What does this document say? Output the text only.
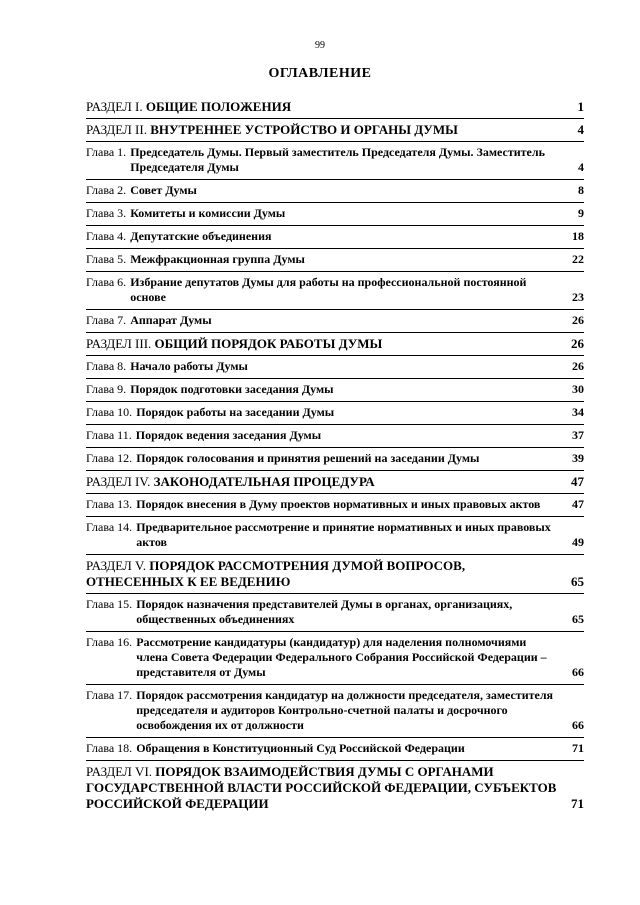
99
ОГЛАВЛЕНИЕ
РАЗДЕЛ I. ОБЩИЕ ПОЛОЖЕНИЯ	1
РАЗДЕЛ II. ВНУТРЕННЕЕ УСТРОЙСТВО И ОРГАНЫ ДУМЫ	4
Глава 1. Председатель Думы. Первый заместитель Председателя Думы. Заместитель Председателя Думы	4
Глава 2. Совет Думы	8
Глава 3. Комитеты и комиссии Думы	9
Глава 4. Депутатские объединения	18
Глава 5. Межфракционная группа Думы	22
Глава 6. Избрание депутатов Думы для работы на профессиональной постоянной основе	23
Глава 7. Аппарат Думы	26
РАЗДЕЛ III. ОБЩИЙ ПОРЯДОК РАБОТЫ ДУМЫ	26
Глава 8. Начало работы Думы	26
Глава 9. Порядок подготовки заседания Думы	30
Глава 10. Порядок работы на заседании Думы	34
Глава 11. Порядок ведения заседания Думы	37
Глава 12. Порядок голосования и принятия решений на заседании Думы	39
РАЗДЕЛ IV. ЗАКОНОДАТЕЛЬНАЯ ПРОЦЕДУРА	47
Глава 13. Порядок внесения в Думу проектов нормативных и иных правовых актов	47
Глава 14. Предварительное рассмотрение и принятие нормативных и иных правовых актов	49
РАЗДЕЛ V. ПОРЯДОК РАССМОТРЕНИЯ ДУМОЙ ВОПРОСОВ, ОТНЕСЕННЫХ К ЕЕ ВЕДЕНИЮ	65
Глава 15. Порядок назначения представителей Думы в органах, организациях, общественных объединениях	65
Глава 16. Рассмотрение кандидатуры (кандидатур) для наделения полномочиями члена Совета Федерации Федерального Собрания Российской Федерации – представителя от Думы	66
Глава 17. Порядок рассмотрения кандидатур на должности председателя, заместителя председателя и аудиторов Контрольно-счетной палаты и досрочного освобождения их от должности	66
Глава 18. Обращения в Конституционный Суд Российской Федерации	71
РАЗДЕЛ VI. ПОРЯДОК ВЗАИМОДЕЙСТВИЯ ДУМЫ С ОРГАНАМИ ГОСУДАРСТВЕННОЙ ВЛАСТИ РОССИЙСКОЙ ФЕДЕРАЦИИ, СУБЪЕКТОВ РОССИЙСКОЙ ФЕДЕРАЦИИ	71
